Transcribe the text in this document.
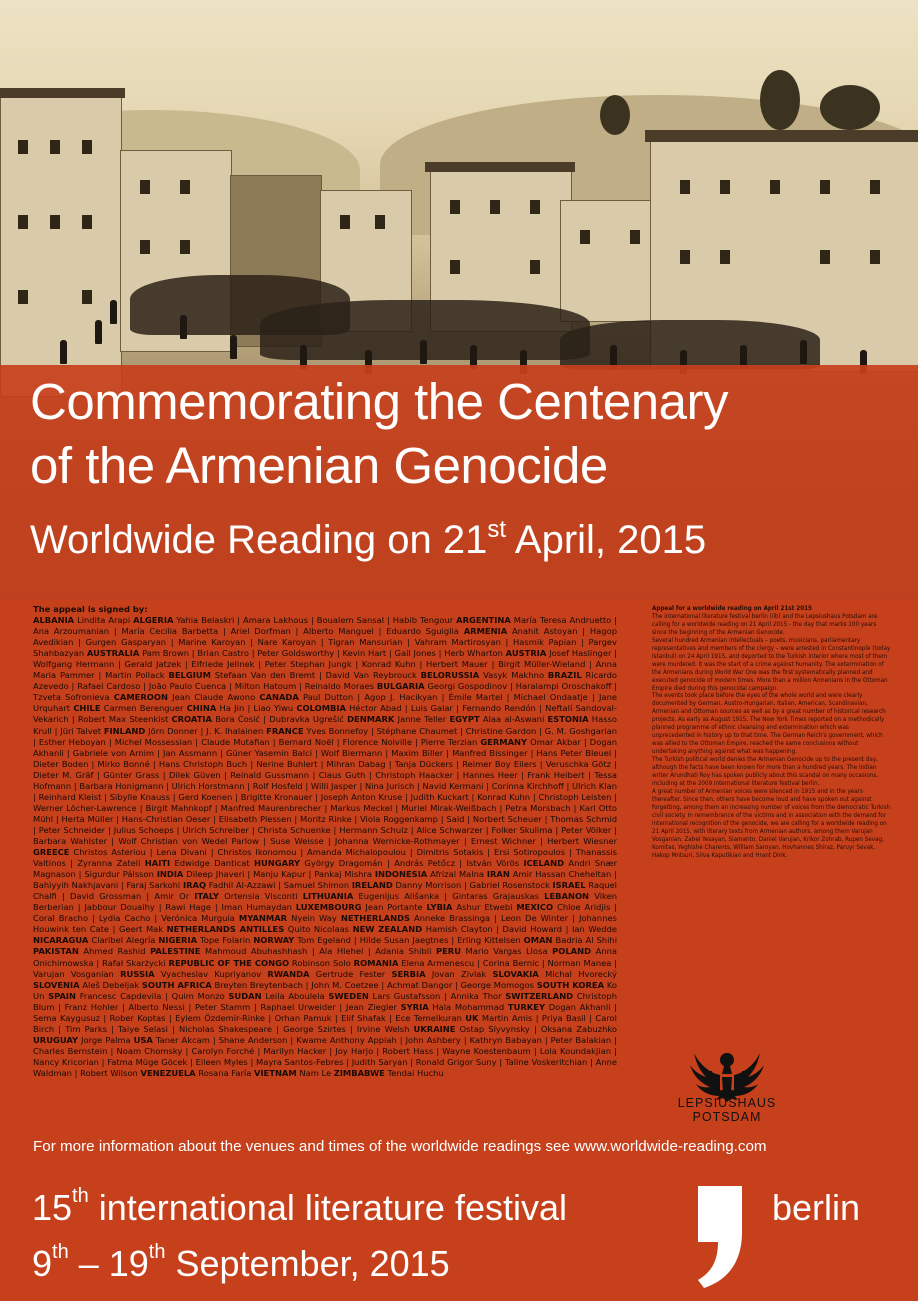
Commemorating the Centenary
of the Armenian Genocide
Worldwide Reading on 21st April, 2015
The appeal is signed by:
ALBANIA Lindita Arapi ALGERIA Yahia Belaskri | Amara Lakhous | Boualem Sansal | Habib Tengour ARGENTINA María Teresa Andruetto | Ana Arzoumanian | María Cecilia Barbetta | Ariel Dorfman | Alberto Manguel | Eduardo Sguiglia ARMENIA Anahit Astoyan | Hagop Avedikian | Gurgen Gasparyan | Marine Karoyan | Nare Karoyan | Tigran Mansurian | Vahram Martirosyan | Hasmik Papian | Pargev Shahbazyan AUSTRALIA Pam Brown | Brian Castro | Peter Goldsworthy | Kevin Hart | Gail Jones | Herb Wharton AUSTRIA Josef Haslinger | Wolfgang Hermann | Gerald Jatzek | Elfriede Jelinek | Peter Stephan Jungk | Konrad Kuhn | Herbert Mauer | Birgit Müller-Wieland | Anna Maria Pammer | Martin Pollack BELGIUM Stefaan Van den Bremt | David Van Reybrouck BELORUSSIA Vasyk Makhno BRAZIL Ricardo Azevedo | Rafael Cardoso | João Paulo Cuenca | Milton Hatoum | Reinaldo Moraes BULGARIA Georgi Gospodinov | Haralampi Oroschakoff | Tzveta Sofronieva CAMEROON Jean Claude Awono CANADA Paul Dutton | Agop J. Hacikyan | Émile Martel | Michael Ondaatje | Jane Urquhart CHILE Carmen Berenguer CHINA Ha Jin | Liao Yiwu COLOMBIA Héctor Abad | Luis Galar | Fernando Rendón | Neftalí Sandoval-Vekarich | Robert Max Steenkist CROATIA Bora Ćosić | Dubravka Ugrešić DENMARK Janne Teller EGYPT Alaa al-Aswani ESTONIA Hasso Krull | Jüri Talvet FINLAND Jörn Donner | J. K. Ihalainen FRANCE Yves Bonnefoy | Stéphane Chaumet | Christine Gardon | G. M. Goshgarian | Esther Heboyan | Michel Mossessian | Claude Mutafian | Bernard Noël | Florence Noiville | Pierre Terzian GERMANY Omar Akbar | Dogan Akhanli | Gabriele von Arnim | Jan Assmann | Güner Yasemin Balci | Wolf Biermann | Maxim Biller | Manfred Bissinger | Hans Peter Bleuel | Dieter Boden | Mirko Bonné | Hans Christoph Buch | Nerine Buhlert | Mihran Dabag | Tanja Dückers | Reimer Boy Eilers | Veruschka Götz | Dieter M. Gräf | Günter Grass | Dilek Güven | Reinald Gussmann | Claus Guth | Christoph Haacker | Hannes Heer | Frank Heibert | Tessa Hofmann | Barbara Honigmann | Ulrich Horstmann | Rolf Hosfeld | Willi Jasper | Nina Jurisch | Navid Kermani | Corinna Kirchhoff | Ulrich Klan | Reinhard Kleist | Sibylle Knauss | Gerd Koenen | Brigitte Kronauer | Joseph Anton Kruse | Judith Kuckart | Konrad Kuhn | Christoph Leisten | Werner Löcher-Lawrence | Birgit Mahnkopf | Manfred Maurenbrecher | Markus Meckel | Muriel Mirak-Weißbach | Petra Morsbach | Karl Otto Mühl | Herta Müller | Hans-Christian Oeser | Elisabeth Plessen | Moritz Rinke | Viola Roggenkamp | Said | Norbert Scheuer | Thomas Schmid | Peter Schneider | Julius Schoeps | Ulrich Schreiber | Christa Schuenke | Hermann Schulz | Alice Schwarzer | Folker Skulima | Peter Völker | Barbara Wahlster | Wolf Christian von Wedel Parlow | Suse Weisse | Johanna Wernicke-Rothmayer | Ernest Wichner | Herbert Wiesner GREECE Christos Asteriou | Lena Divani | Christos Ikonomou | Amanda Michalopoulou | Dimitris Sotakis | Ersi Sotiropoulos | Thanassis Valtinos | Zyranna Zateli HAITI Edwidge Danticat HUNGARY György Dragomán | András Petőcz | István Vörös ICELAND Andri Snær Magnason | Sigurdur Pálsson INDIA Dileep Jhaveri | Manju Kapur | Pankaj Mishra INDONESIA Afrizal Malna IRAN Amir Hassan Cheheltan | Bahiyyih Nakhjavani | Faraj Sarkohi IRAQ Fadhil Al-Azzawi | Samuel Shimon IRELAND Danny Morrison | Gabriel Rosenstock ISRAEL Raquel Chalfi | David Grossman | Amir Or ITALY Ortensia Visconti LITHUANIA Eugenijus Ališanka | Gintaras Grajauskas LEBANON Viken Berberian | Jabbour Douaihy | Rawi Hage | Iman Humaydan LUXEMBOURG Jean Portante LYBIA Ashur Etwebi MEXICO Chloe Aridjis | Coral Bracho | Lydia Cacho | Verónica Murguía MYANMAR Nyein Way NETHERLANDS Anneke Brassinga | Leon De Winter | Johannes Houwink ten Cate | Geert Mak NETHERLANDS ANTILLES Quito Nicolaas NEW ZEALAND Hamish Clayton | David Howard | Ian Wedde NICARAGUA Claribel Alegría NIGERIA Tope Folarin NORWAY Tom Egeland | Hilde Susan Jaegtnes | Erling Kittelsen OMAN Badria Al Shihi PAKISTAN Ahmed Rashid PALESTINE Mahmoud Abuhashhash | Ala Hlehel | Adania Shibli PERU Mario Vargas Llosa POLAND Anna Onichimowska | Rafał Skarżycki REPUBLIC OF THE CONGO Robinson Solo ROMANIA Elena Armenescu | Corina Bernic | Norman Manea | Varujan Vosganian RUSSIA Vyacheslav Kupriyanov RWANDA Gertrude Fester SERBIA Jovan Zivlak SLOVAKIA Michal Hvorecký SLOVENIA Aleš Debeljak SOUTH AFRICA Breyten Breytenbach | John M. Coetzee | Achmat Dangor | George Momogos SOUTH KOREA Ko Un SPAIN Francesc Capdevila | Quim Monzo SUDAN Leila Aboulela SWEDEN Lars Gustafsson | Annika Thor SWITZERLAND Christoph Blum | Franz Hohler | Alberto Nessi | Peter Stamm | Raphael Urweider | Jean Ziegler SYRIA Hala Mohammad TURKEY Dogan Akhanli | Sema Kaygusuz | Rober Koptas | Eylem Özdemir-Rinke | Orhan Pamuk | Elif Shafak | Ece Temelkuran UK Martin Amis | Priya Basil | Carol Birch | Tim Parks | Taiye Selasi | Nicholas Shakespeare | George Szirtes | Irvine Welsh UKRAINE Ostap Slyvynsky | Oksana Zabuzhko URUGUAY Jorge Palma USA Taner Akcam | Shane Anderson | Kwame Anthony Appiah | John Ashbery | Kathryn Babayan | Peter Balakian | Charles Bernstein | Noam Chomsky | Carolyn Forché | Marilyn Hacker | Joy Harjo | Robert Hass | Wayne Koestenbaum | Lola Koundakjian | Nancy Kricorian | Fatma Müge Göcek | Eileen Myles | Mayra Santos-Febres | Judith Saryan | Ronald Grigor Suny | Taline Voskeritchian | Anne Waldman | Robert Wilson VENEZUELA Rosana Faría VIETNAM Nam Le ZIMBABWE Tendai Huchu
Appeal for a worldwide reading on April 21st 2015

The international literature festival berlin (ilb) and the Lepsiushaus Potsdam are calling for a worldwide reading on 21 April 2015 - the day that marks 100 years since the beginning of the Armenian Genocide.

Several hundred Armenian intellectuals – poets, musicians, parliamentary representatives and members of the clergy – were arrested in Constantinople (today Istanbul) on 24 April 1915, and deported to the Turkish interior where most of them were murdered. It was the start of a crime against humanity. The extermination of the Armenians during World War One was the first systematically planned and executed genocide of modern times. More than a million Armenians in the Ottoman Empire died during this genocidal campaign.

The events took place before the eyes of the whole world and were clearly documented by German, Austro-Hungarian, Italian, American, Scandinavian, Armenian and Ottoman sources as well as by a great number of historical research projects. As early as August 1915, The New York Times reported on a methodically planned programme of ethnic cleansing and extermination which was unprecedented in history up to that time. The German Reich's government, which was allied to the Ottoman Empire, reached the same conclusions without undertaking anything against what was happening.

The Turkish political world denies the Armenian Genocide up to the present day, although the facts have been known for more than a hundred years. The Indian writer Arundhati Roy has spoken publicly about this scandal on many occasions, including at the 2009 international literature festival berlin.

A great number of Armenian voices were silenced in 1915 and in the years thereafter. Since then, others have become loud and have spoken out against forgetting, among them an increasing number of voices from the democratic Turkish civil society. In remembrance of the victims and in association with the demand for international recognition of the genocide, we are calling for a worldwide reading on 21 April 2015, with literary texts from Armenian authors, among them Varujan Vosganian, Zabel Yesayan, Siamanto, Daniel Varujan, Krikor Zohrab, Rupen Sevag, Komitas, Yeghishe Charents, William Saroyan, Hovhannes Shiraz, Paruyr Sevak, Hakop Mntsuri, Silva Kaputikian and Hrant Dink.

LEPSIUSHAUS
POTSDAM
For more information about the venues and times of the worldwide readings see www.worldwide-reading.com
15th international literature festival	berlin
9th – 19th September, 2015
